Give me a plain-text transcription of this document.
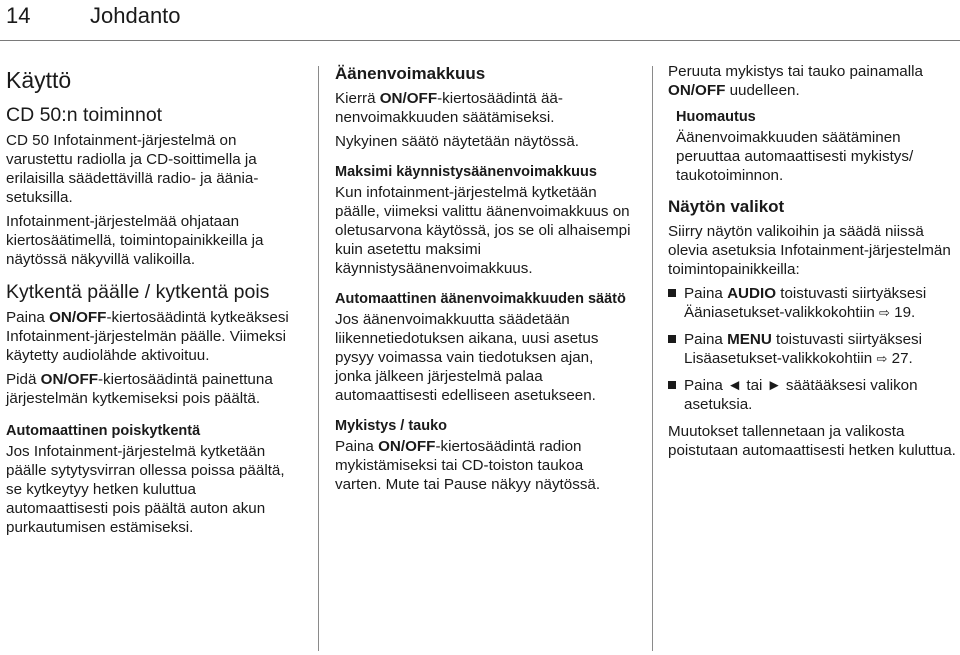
14	Johdanto
Käyttö
CD 50:n toiminnot

CD 50 Infotainment-järjestelmä on varustettu radiolla ja CD-soittimella ja erilaisilla säädettävillä radio- ja ääniasetuksilla.

Infotainment-järjestelmää ohjataan kiertosäätimellä, toimintopainikkeilla ja näytössä näkyvillä valikoilla.

Kytkentä päälle / kytkentä pois

Paina ON/OFF-kiertosäädintä kytkeäksesi Infotainment-järjestelmän päälle. Viimeksi käytetty audiolähde aktivoituu.

Pidä ON/OFF-kiertosäädintä painettuna järjestelmän kytkemiseksi pois päältä.

Automaattinen poiskytkentä

Jos Infotainment-järjestelmä kytketään päälle sytytysvirran ollessa poissa päältä, se kytkeytyy hetken kuluttua automaattisesti pois päältä auton akun purkautumisen estämiseksi.

Äänenvoimakkuus

Kierrä ON/OFF-kiertosäädintä äänenvoimakkuuden säätämiseksi.

Nykyinen säätö näytetään näytössä.

Maksimi käynnistysäänenvoimakkuus

Kun infotainment-järjestelmä kytketään päälle, viimeksi valittu äänenvoimakkuus on oletusarvona käytössä, jos se oli alhaisempi kuin asetettu maksimi käynnistysäänenvoimakkuus.

Automaattinen äänenvoimakkuuden säätö

Jos äänenvoimakkuutta säädetään liikennetiedotuksen aikana, uusi asetus pysyy voimassa vain tiedotuksen ajan, jonka jälkeen järjestelmä palaa automaattisesti edelliseen asetukseen.

Mykistys / tauko

Paina ON/OFF-kiertosäädintä radion mykistämiseksi tai CD-toiston taukoa varten. Mute tai Pause näkyy näytössä.

Peruuta mykistys tai tauko painamalla ON/OFF uudelleen.

Huomautus

Äänenvoimakkuuden säätäminen peruuttaa automaattisesti mykistys/ taukotoiminnon.

Näytön valikot

Siirry näytön valikoihin ja säädä niissä olevia asetuksia Infotainment-järjestelmän toimintopainikkeilla:

Paina AUDIO toistuvasti siirtyäksesi Ääniasetukset-valikkokohtiin ⇨ 19.
Paina MENU toistuvasti siirtyäksesi Lisäasetukset-valikkokohtiin ⇨ 27.
Paina ◄ tai ► säätääksesi valikon asetuksia.

Muutokset tallennetaan ja valikosta poistutaan automaattisesti hetken kuluttua.
